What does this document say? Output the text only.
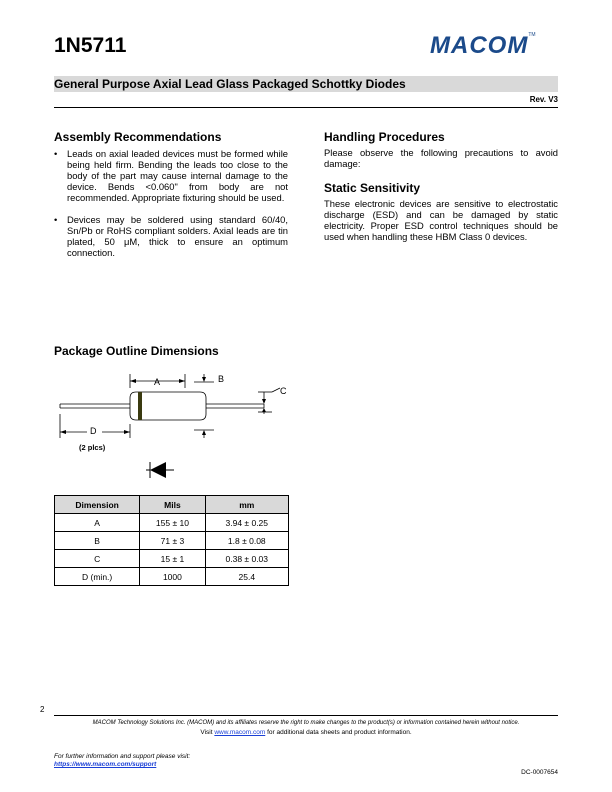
1N5711	MACOM™
General Purpose Axial Lead Glass Packaged Schottky Diodes
Rev. V3
Assembly Recommendations
• Leads on axial leaded devices must be formed while being held firm. Bending the leads too close to the body of the part may cause internal damage to the device. Bends <0.060" from body are not recommended. Appropriate fixturing should be used.
• Devices may be soldered using standard 60/40, Sn/Pb or RoHS compliant solders. Axial leads are tin plated, 50 μM, thick to ensure an optimum connection.
Handling Procedures
Please observe the following precautions to avoid damage:
Static Sensitivity
These electronic devices are sensitive to electrostatic discharge (ESD) and can be damaged by static electricity. Proper ESD control techniques should be used when handling these HBM Class 0 devices.
Package Outline Dimensions
A	B
C
D
(2 plcs)
Dimension	Mils	mm
A	155 ± 10	3.94 ± 0.25
B	71 ± 3	1.8 ± 0.08
C	15 ± 1	0.38 ± 0.03
D (min.)	1000	25.4
2
MACOM Technology Solutions Inc. (MACOM) and its affiliates reserve the right to make changes to the product(s) or information contained herein without notice.
Visit www.macom.com for additional data sheets and product information.
For further information and support please visit:
https://www.macom.com/support
DC-0007654
